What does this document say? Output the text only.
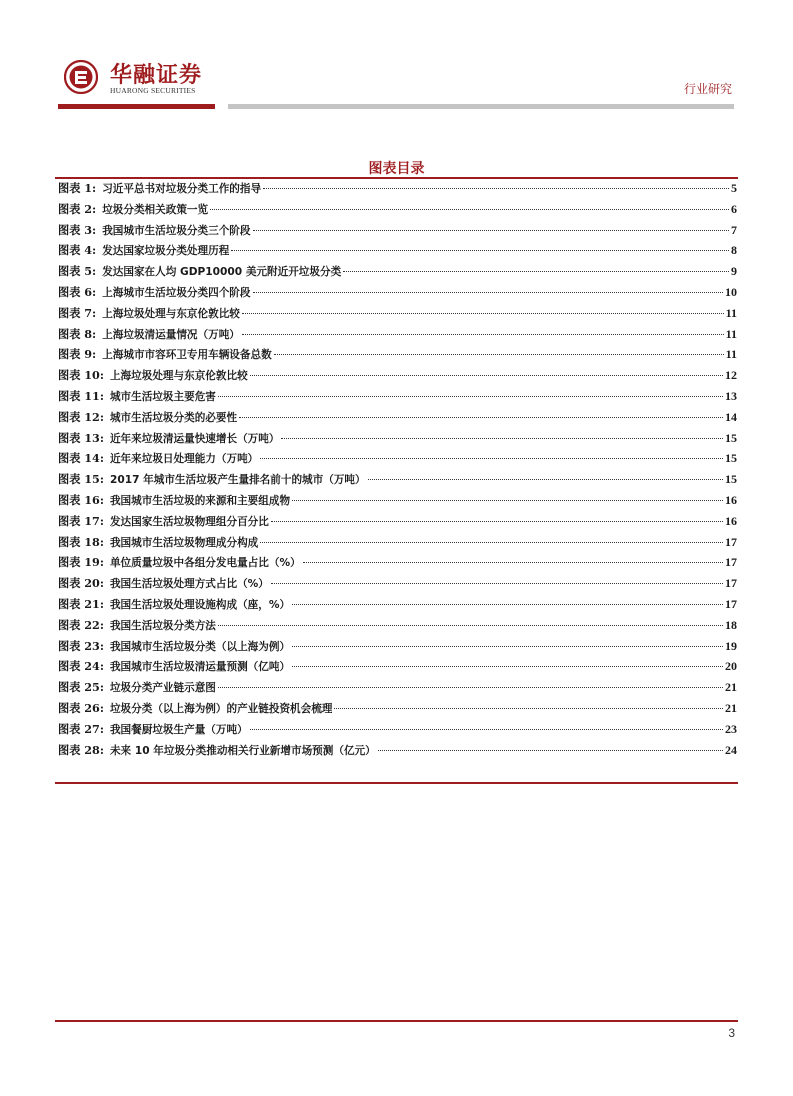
华融证券
HUARONG SECURITIES	行业研究
图表目录
图表 1: 习近平总书对垃圾分类工作的指导	5
图表 2: 垃圾分类相关政策一览	6
图表 3: 我国城市生活垃圾分类三个阶段	7
图表 4: 发达国家垃圾分类处理历程	8
图表 5: 发达国家在人均 GDP10000 美元附近开垃圾分类	9
图表 6: 上海城市生活垃圾分类四个阶段	10
图表 7: 上海垃圾处理与东京伦敦比较	11
图表 8: 上海垃圾清运量情况（万吨）	11
图表 9: 上海城市市容环卫专用车辆设备总数	11
图表 10: 上海垃圾处理与东京伦敦比较	12
图表 11: 城市生活垃圾主要危害	13
图表 12: 城市生活垃圾分类的必要性	14
图表 13: 近年来垃圾清运量快速增长（万吨）	15
图表 14: 近年来垃圾日处理能力（万吨）	15
图表 15: 2017 年城市生活垃圾产生量排名前十的城市（万吨）	15
图表 16: 我国城市生活垃圾的来源和主要组成物	16
图表 17: 发达国家生活垃圾物理组分百分比	16
图表 18: 我国城市生活垃圾物理成分构成	17
图表 19: 单位质量垃圾中各组分发电量占比（%）	17
图表 20: 我国生活垃圾处理方式占比（%）	17
图表 21: 我国生活垃圾处理设施构成（座，%）	17
图表 22: 我国生活垃圾分类方法	18
图表 23: 我国城市生活垃圾分类（以上海为例）	19
图表 24: 我国城市生活垃圾清运量预测（亿吨）	20
图表 25: 垃圾分类产业链示意图	21
图表 26: 垃圾分类（以上海为例）的产业链投资机会梳理	21
图表 27: 我国餐厨垃圾生产量（万吨）	23
图表 28: 未来 10 年垃圾分类推动相关行业新增市场预测（亿元）	24
3
